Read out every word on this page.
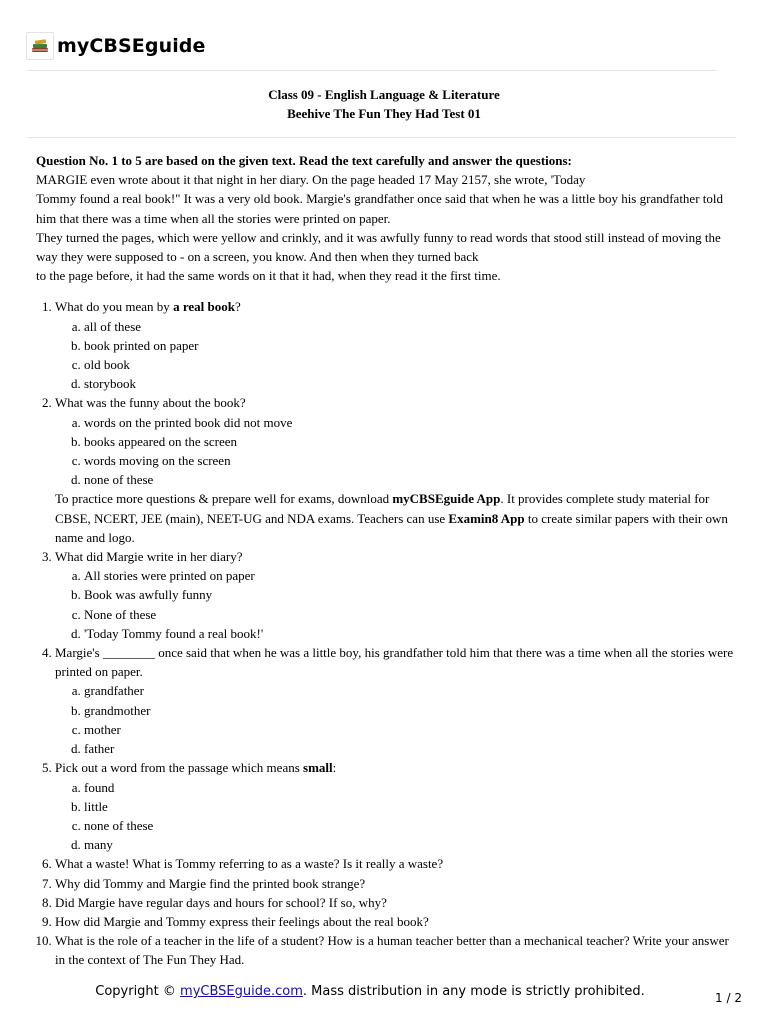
myCBSEguide
Class 09 - English Language & Literature
Beehive The Fun They Had Test 01

Question No. 1 to 5 are based on the given text. Read the text carefully and answer the questions:

MARGIE even wrote about it that night in her diary. On the page headed 17 May 2157, she wrote, 'Today

Tommy found a real book!" It was a very old book. Margie's grandfather once said that when he was a little boy his grandfather told him that there was a time when all the stories were printed on paper.

They turned the pages, which were yellow and crinkly, and it was awfully funny to read words that stood still instead of moving the way they were supposed to - on a screen, you know. And then when they turned back

to the page before, it had the same words on it that it had, when they read it the first time.

1. What do you mean by a real book?
a. all of these
b. book printed on paper
c. old book
d. storybook
2. What was the funny about the book?
a. words on the printed book did not move
b. books appeared on the screen
c. words moving on the screen
d. none of these

To practice more questions & prepare well for exams, download myCBSEguide App. It provides complete study material for CBSE, NCERT, JEE (main), NEET-UG and NDA exams. Teachers can use Examin8 App to create similar papers with their own name and logo.

3. What did Margie write in her diary?
a. All stories were printed on paper
b. Book was awfully funny
c. None of these
d. 'Today Tommy found a real book!'
4. Margie's ________ once said that when he was a little boy, his grandfather told him that there was a time when all the stories were printed on paper.
a. grandfather
b. grandmother
c. mother
d. father
5. Pick out a word from the passage which means small:
a. found
b. little
c. none of these
d. many
6. What a waste! What is Tommy referring to as a waste? Is it really a waste?
7. Why did Tommy and Margie find the printed book strange?
8. Did Margie have regular days and hours for school? If so, why?
9. How did Margie and Tommy express their feelings about the real book?
10. What is the role of a teacher in the life of a student? How is a human teacher better than a mechanical teacher? Write your answer in the context of The Fun They Had.
Copyright © myCBSEguide.com. Mass distribution in any mode is strictly prohibited.	1 / 2
